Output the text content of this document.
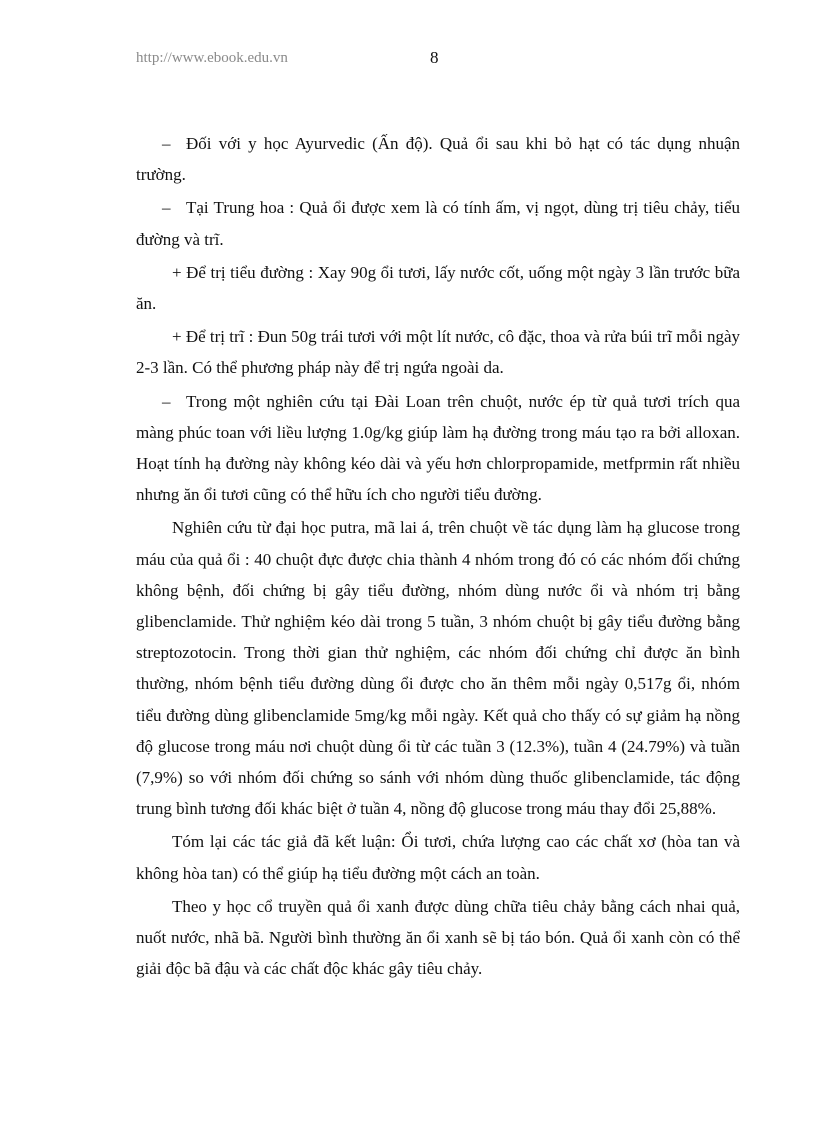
http://www.ebook.edu.vn	8

– Đối với y học Ayurvedic (Ấn độ). Quả ổi sau khi bỏ hạt có tác dụng nhuận trường.

– Tại Trung hoa : Quả ổi được xem là có tính ấm, vị ngọt, dùng trị tiêu chảy, tiểu đường và trĩ.

+ Để trị tiểu đường : Xay 90g ổi tươi, lấy nước cốt, uống một ngày 3 lần trước bữa ăn.

+ Để trị trĩ : Đun 50g trái tươi với một lít nước, cô đặc, thoa và rửa búi trĩ mỗi ngày 2-3 lần. Có thể phương pháp này để trị ngứa ngoài da.

– Trong một nghiên cứu tại Đài Loan trên chuột, nước ép từ quả tươi trích qua màng phúc toan với liều lượng 1.0g/kg giúp làm hạ đường trong máu tạo ra bởi alloxan. Hoạt tính hạ đường này không kéo dài và yếu hơn chlorpropamide, metfprmin rất nhiều nhưng ăn ổi tươi cũng có thể hữu ích cho người tiểu đường.

Nghiên cứu từ đại học putra, mã lai á, trên chuột về tác dụng làm hạ glucose trong máu của quả ổi : 40 chuột đực được chia thành 4 nhóm trong đó có các nhóm đối chứng không bệnh, đối chứng bị gây tiểu đường, nhóm dùng nước ổi và nhóm trị bằng glibenclamide. Thử nghiệm kéo dài trong 5 tuần, 3 nhóm chuột bị gây tiểu đường bằng streptozotocin. Trong thời gian thử nghiệm, các nhóm đối chứng chỉ được ăn bình thường, nhóm bệnh tiểu đường dùng ổi được cho ăn thêm mỗi ngày 0,517g ổi, nhóm tiểu đường dùng glibenclamide 5mg/kg mỗi ngày. Kết quả cho thấy có sự giảm hạ nồng độ glucose trong máu nơi chuột dùng ổi từ các tuần 3 (12.3%), tuần 4 (24.79%) và tuần (7,9%) so với nhóm đối chứng so sánh với nhóm dùng thuốc glibenclamide, tác động trung bình tương đối khác biệt ở tuần 4, nồng độ glucose trong máu thay đổi 25,88%.

Tóm lại các tác giả đã kết luận: Ổi tươi, chứa lượng cao các chất xơ (hòa tan và không hòa tan) có thể giúp hạ tiểu đường một cách an toàn.

Theo y học cổ truyền quả ổi xanh được dùng chữa tiêu chảy bằng cách nhai quả, nuốt nước, nhã bã. Người bình thường ăn ổi xanh sẽ bị táo bón. Quả ổi xanh còn có thể giải độc bã đậu và các chất độc khác gây tiêu chảy.
